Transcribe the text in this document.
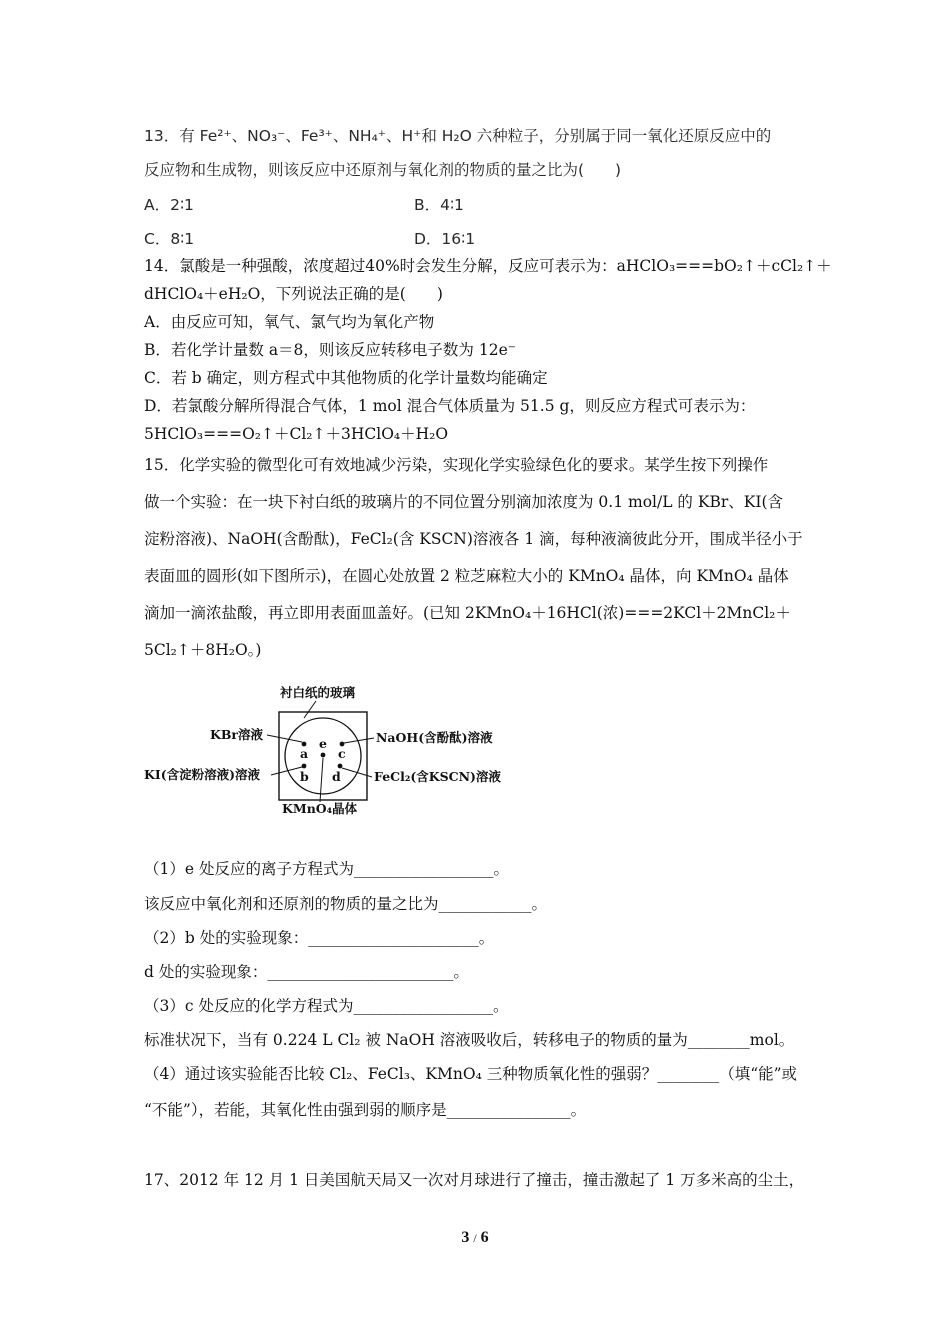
13．有 Fe²⁺、NO₃⁻、Fe³⁺、NH₄⁺、H⁺和 H₂O 六种粒子，分别属于同一氧化还原反应中的
反应物和生成物，则该反应中还原剂与氧化剂的物质的量之比为(　　)
A．2∶1	B．4∶1
C．8∶1	D．16∶1
14．氯酸是一种强酸，浓度超过40%时会发生分解，反应可表示为：aHClO₃===bO₂↑＋cCl₂↑＋
dHClO₄＋eH₂O，下列说法正确的是(　　)
A．由反应可知，氧气、氯气均为氧化产物
B．若化学计量数 a＝8，则该反应转移电子数为 12e⁻
C．若 b 确定，则方程式中其他物质的化学计量数均能确定
D．若氯酸分解所得混合气体，1 mol 混合气体质量为 51.5 g，则反应方程式可表示为：
5HClO₃===O₂↑＋Cl₂↑＋3HClO₄＋H₂O
15．化学实验的微型化可有效地减少污染，实现化学实验绿色化的要求。某学生按下列操作
做一个实验：在一块下衬白纸的玻璃片的不同位置分别滴加浓度为 0.1 mol/L 的 KBr、KI(含
淀粉溶液)、NaOH(含酚酞)，FeCl₂(含 KSCN)溶液各 1 滴，每种液滴彼此分开，围成半径小于
表面皿的圆形(如下图所示)，在圆心处放置 2 粒芝麻粒大小的 KMnO₄ 晶体，向 KMnO₄ 晶体
滴加一滴浓盐酸，再立即用表面皿盖好。(已知 2KMnO₄＋16HCl(浓)===2KCl＋2MnCl₂＋
5Cl₂↑＋8H₂O。)
衬白纸的玻璃
a c
b d
e
KBr溶液
KI(含淀粉溶液)溶液
NaOH(含酚酞)溶液
FeCl₂(含KSCN)溶液
KMnO₄晶体
（1）e 处反应的离子方程式为__________________。
该反应中氧化剂和还原剂的物质的量之比为____________。
（2）b 处的实验现象：______________________。
d 处的实验现象：________________________。
（3）c 处反应的化学方程式为__________________。
标准状况下，当有 0.224 L Cl₂ 被 NaOH 溶液吸收后，转移电子的物质的量为________mol。
（4）通过该实验能否比较 Cl₂、FeCl₃、KMnO₄ 三种物质氧化性的强弱？________（填“能”或
“不能”），若能，其氧化性由强到弱的顺序是________________。
17、2012 年 12 月 1 日美国航天局又一次对月球进行了撞击，撞击激起了 1 万多米高的尘土，
3 / 6
